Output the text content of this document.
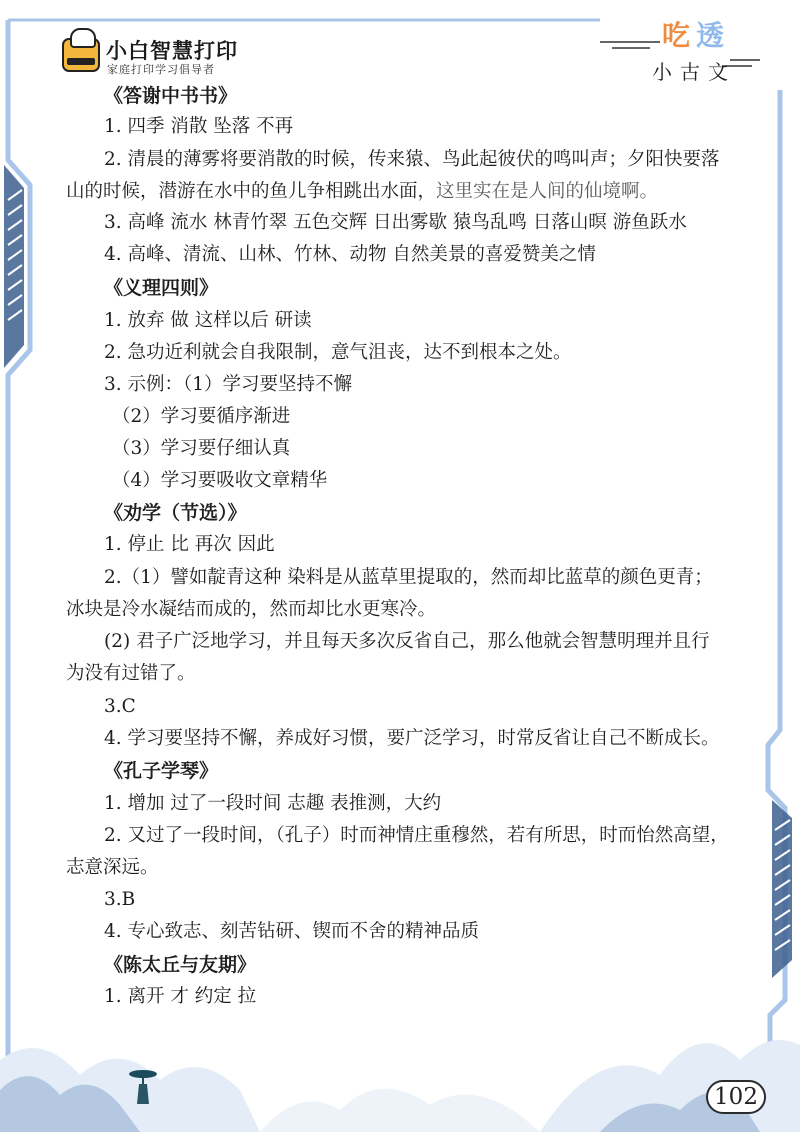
小白智慧打印
家庭打印学习倡导者
吃 透
小古文
《答谢中书书》
1. 四季 消散 坠落 不再
2. 清晨的薄雾将要消散的时候，传来猿、鸟此起彼伏的鸣叫声；夕阳快要落
山的时候，潜游在水中的鱼儿争相跳出水面，这里实在是人间的仙境啊。
3. 高峰 流水 林青竹翠 五色交辉 日出雾歇 猿鸟乱鸣 日落山暝 游鱼跃水
4. 高峰、清流、山林、竹林、动物 自然美景的喜爱赞美之情
《义理四则》
1. 放弃 做 这样以后 研读
2. 急功近利就会自我限制，意气沮丧，达不到根本之处。
3. 示例：（1）学习要坚持不懈
（2）学习要循序渐进
（3）学习要仔细认真
（4）学习要吸收文章精华
《劝学（节选）》
1. 停止 比 再次 因此
2.（1）譬如靛青这种 染料是从蓝草里提取的，然而却比蓝草的颜色更青；
冰块是冷水凝结而成的，然而却比水更寒冷。
(2) 君子广泛地学习，并且每天多次反省自己，那么他就会智慧明理并且行
为没有过错了。
3.C
4. 学习要坚持不懈，养成好习惯，要广泛学习，时常反省让自己不断成长。
《孔子学琴》
1. 增加 过了一段时间 志趣 表推测，大约
2. 又过了一段时间，（孔子）时而神情庄重穆然，若有所思，时而怡然高望，
志意深远。
3.B
4. 专心致志、刻苦钻研、锲而不舍的精神品质
《陈太丘与友期》
1. 离开 才 约定 拉
102
